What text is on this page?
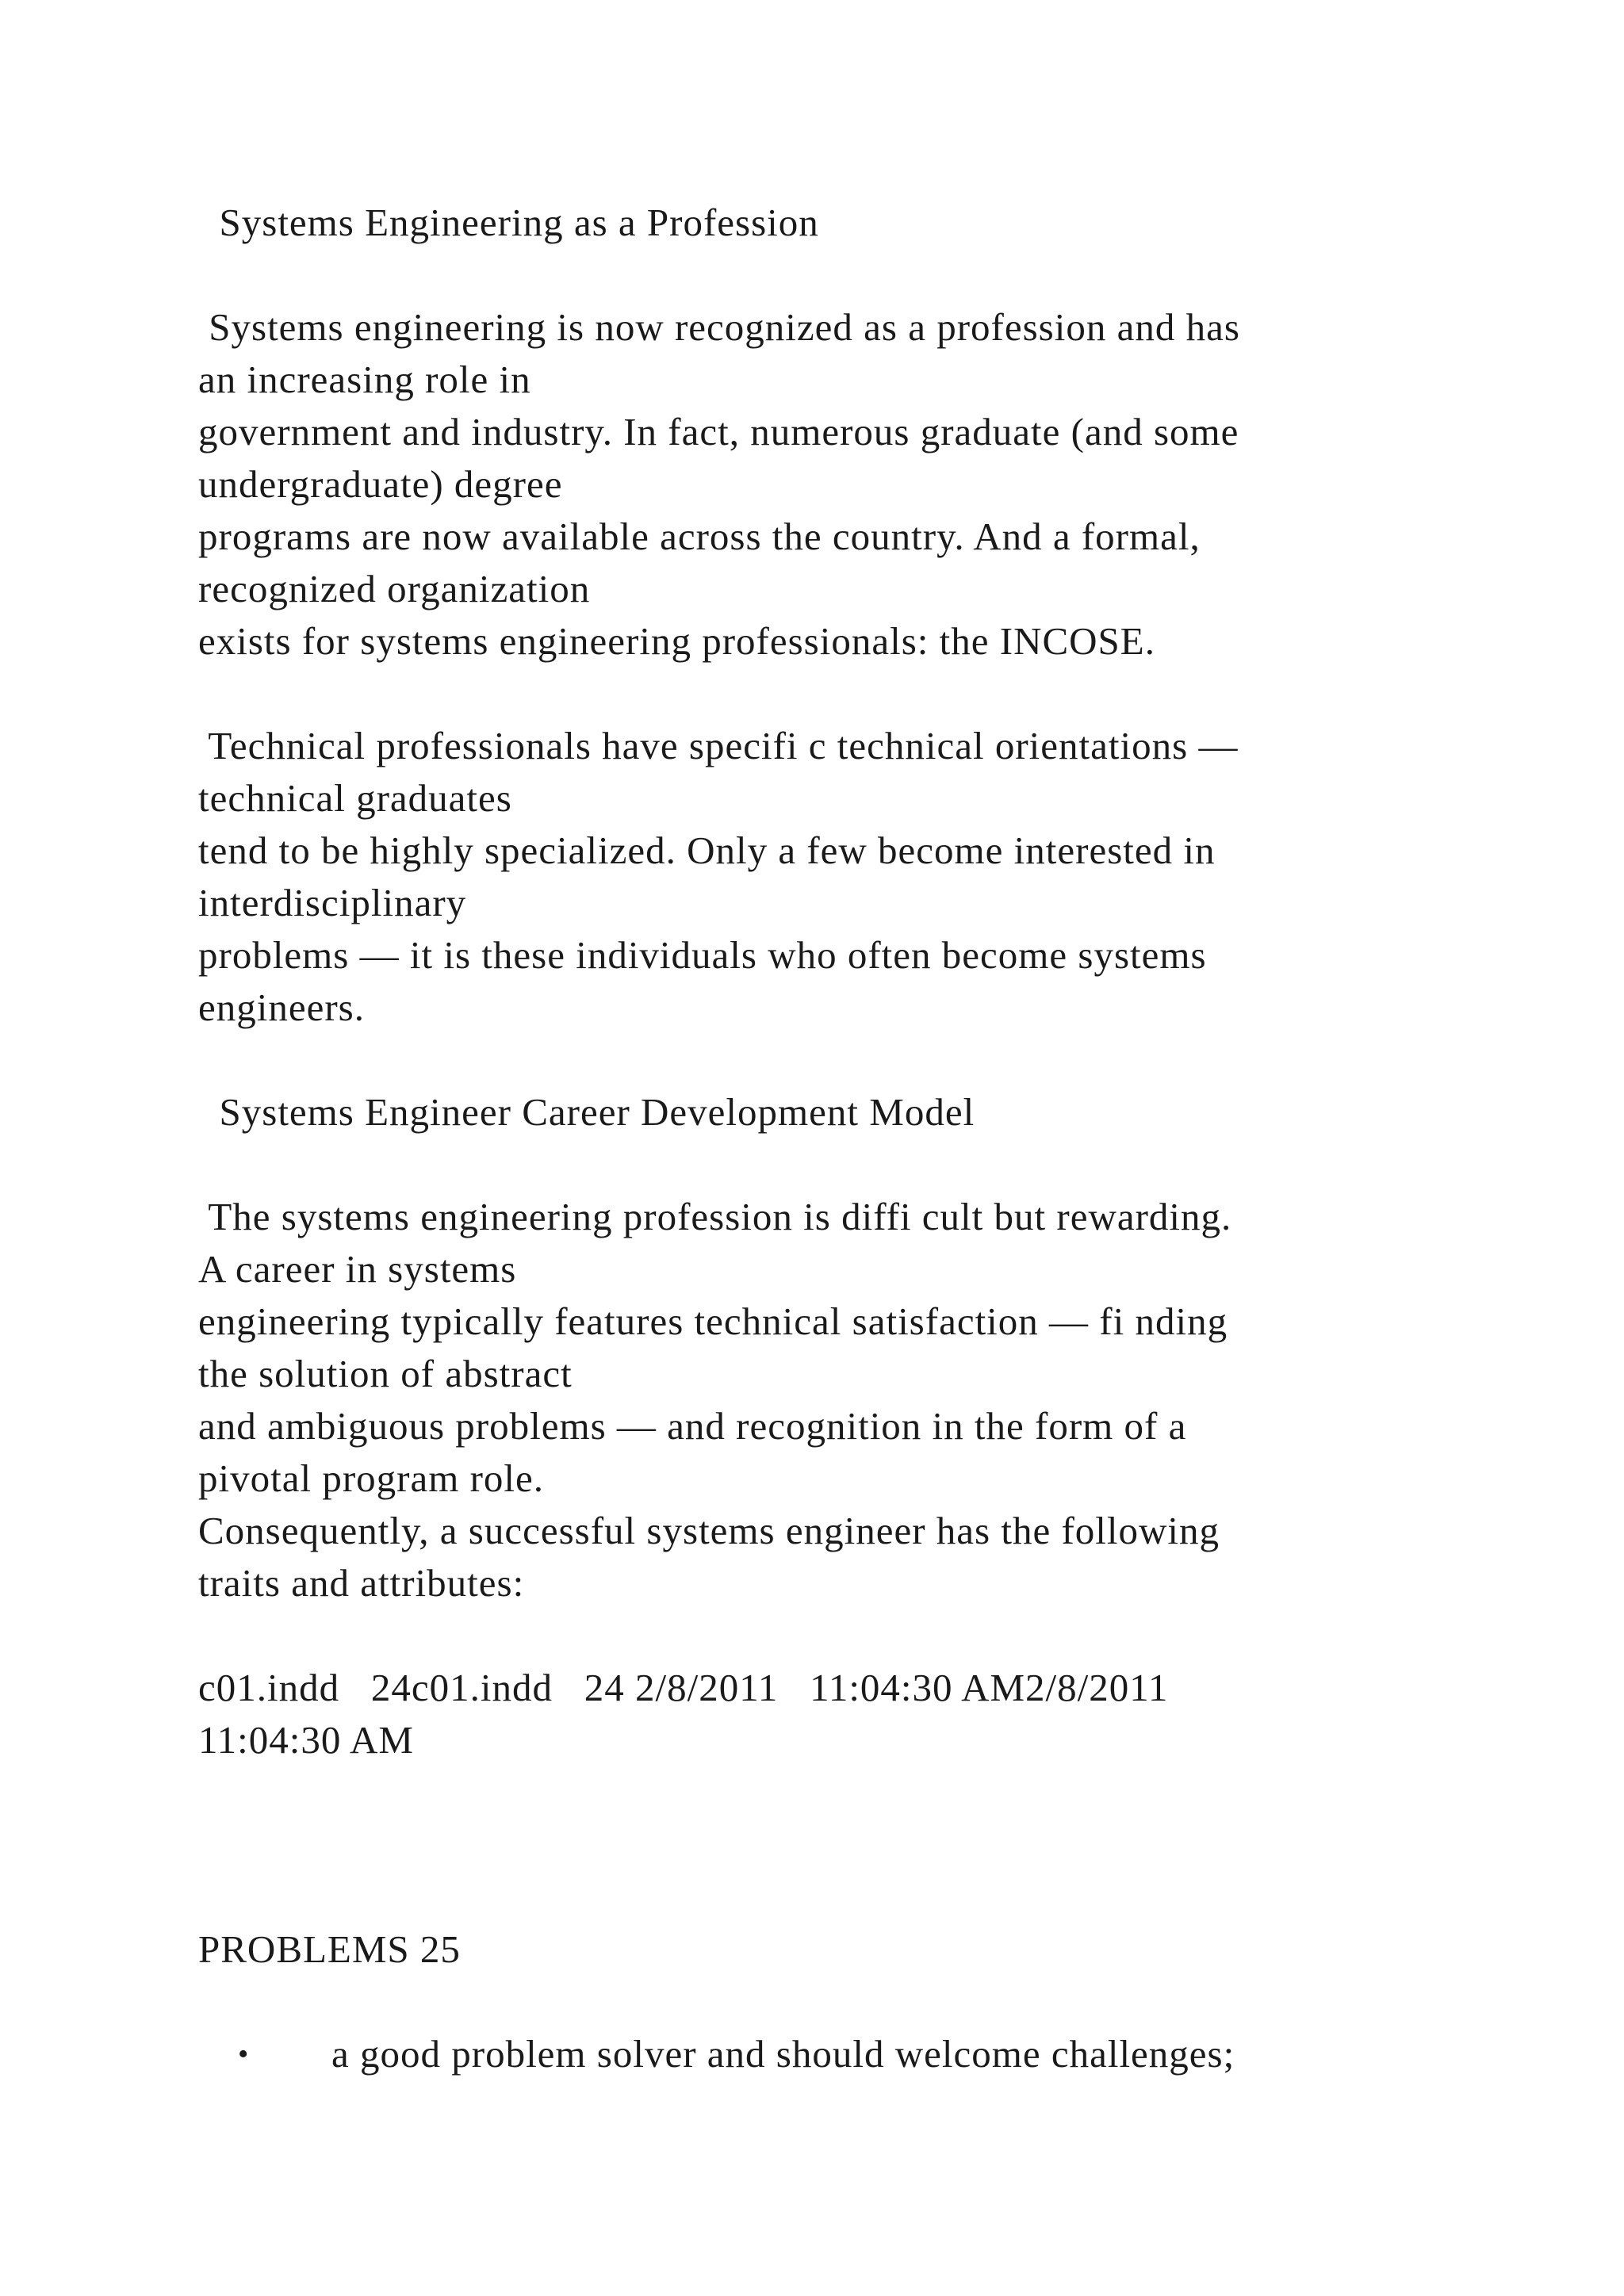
Systems Engineering as a Profession

Systems engineering is now recognized as a profession and has

an increasing role in

government and industry. In fact, numerous graduate (and some

undergraduate) degree

programs are now available across the country. And a formal,

recognized organization

exists for systems engineering professionals: the INCOSE.

Technical professionals have specifi c technical orientations —

technical graduates

tend to be highly specialized. Only a few become interested in

interdisciplinary

problems — it is these individuals who often become systems

engineers.

Systems Engineer Career Development Model

The systems engineering profession is diffi cult but rewarding.

A career in systems

engineering typically features technical satisfaction — fi nding

the solution of abstract

and ambiguous problems — and recognition in the form of a

pivotal program role.

Consequently, a successful systems engineer has the following

traits and attributes:

c01.indd   24c01.indd   24 2/8/2011   11:04:30 AM2/8/2011

11:04:30 AM

PROBLEMS 25

• a good problem solver and should welcome challenges;
